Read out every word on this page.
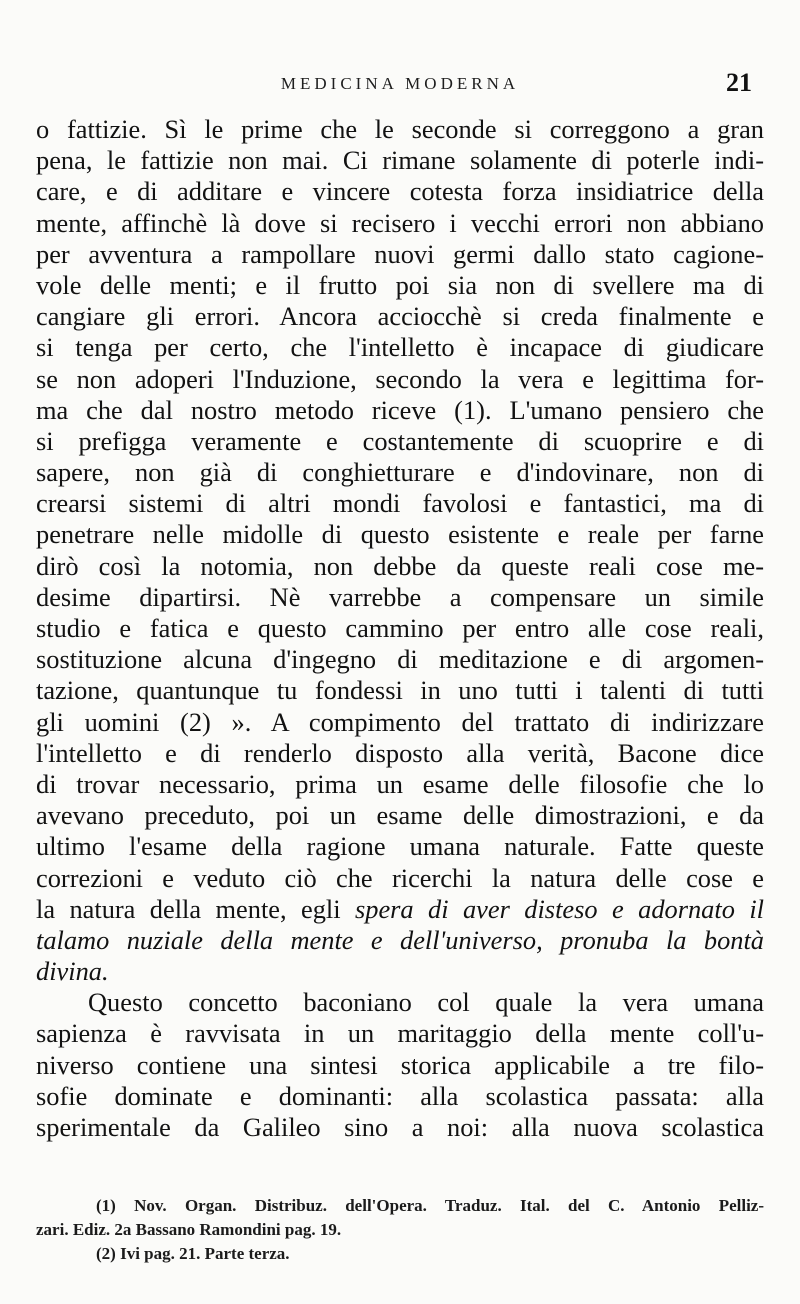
MEDICINA MODERNA	21
o fattizie. Sì le prime che le seconde si correggono a gran
pena, le fattizie non mai. Ci rimane solamente di poterle indi-
care, e di additare e vincere cotesta forza insidiatrice della
mente, affinchè là dove si recisero i vecchi errori non abbiano
per avventura a rampollare nuovi germi dallo stato cagione-
vole delle menti; e il frutto poi sia non di svellere ma di
cangiare gli errori. Ancora acciocchè si creda finalmente e
si tenga per certo, che l'intelletto è incapace di giudicare
se non adoperi l'Induzione, secondo la vera e legittima for-
ma che dal nostro metodo riceve (1). L'umano pensiero che
si prefigga veramente e costantemente di scuoprire e di
sapere, non già di conghietturare e d'indovinare, non di
crearsi sistemi di altri mondi favolosi e fantastici, ma di
penetrare nelle midolle di questo esistente e reale per farne
dirò così la notomia, non debbe da queste reali cose me-
desime dipartirsi. Nè varrebbe a compensare un simile
studio e fatica e questo cammino per entro alle cose reali,
sostituzione alcuna d'ingegno di meditazione e di argomen-
tazione, quantunque tu fondessi in uno tutti i talenti di tutti
gli uomini (2) ». A compimento del trattato di indirizzare
l'intelletto e di renderlo disposto alla verità, Bacone dice
di trovar necessario, prima un esame delle filosofie che lo
avevano preceduto, poi un esame delle dimostrazioni, e da
ultimo l'esame della ragione umana naturale. Fatte queste
correzioni e veduto ciò che ricerchi la natura delle cose e
la natura della mente, egli spera di aver disteso e adornato il
talamo nuziale della mente e dell'universo, pronuba la bontà
divina.
Questo concetto baconiano col quale la vera umana
sapienza è ravvisata in un maritaggio della mente coll'u-
niverso contiene una sintesi storica applicabile a tre filo-
sofie dominate e dominanti: alla scolastica passata: alla
sperimentale da Galileo sino a noi: alla nuova scolastica
(1) Nov. Organ. Distribuz. dell'Opera. Traduz. Ital. del C. Antonio Pelliz-
zari. Ediz. 2a Bassano Ramondini pag. 19.
(2) Ivi pag. 21. Parte terza.
